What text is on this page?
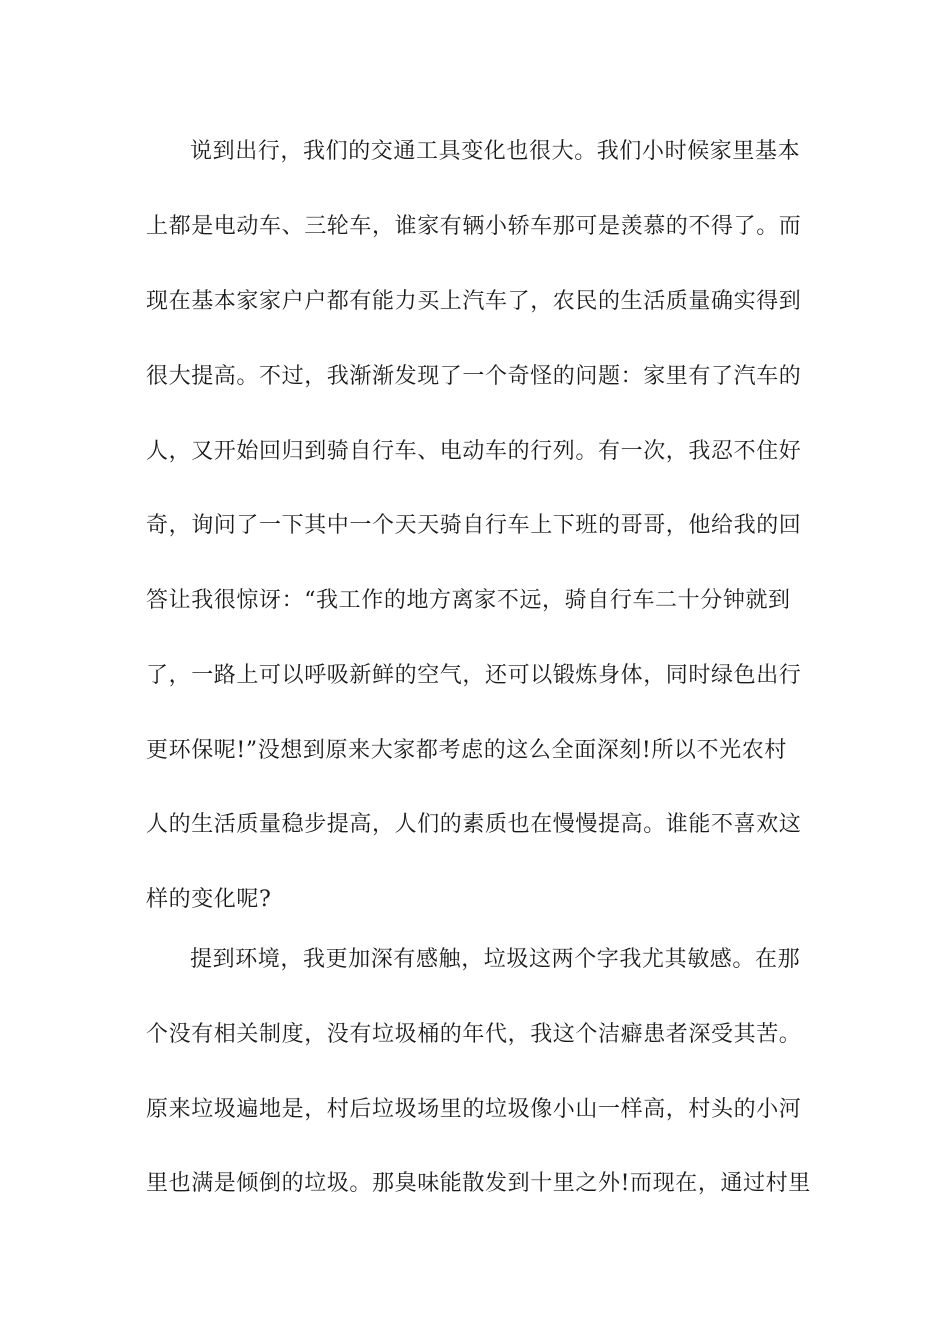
说到出行，我们的交通工具变化也很大。我们小时候家里基本
上都是电动车、三轮车，谁家有辆小轿车那可是羡慕的不得了。而
现在基本家家户户都有能力买上汽车了，农民的生活质量确实得到
很大提高。不过，我渐渐发现了一个奇怪的问题：家里有了汽车的
人，又开始回归到骑自行车、电动车的行列。有一次，我忍不住好
奇，询问了一下其中一个天天骑自行车上下班的哥哥，他给我的回
答让我很惊讶：“我工作的地方离家不远，骑自行车二十分钟就到
了，一路上可以呼吸新鲜的空气，还可以锻炼身体，同时绿色出行
更环保呢!”没想到原来大家都考虑的这么全面深刻!所以不光农村
人的生活质量稳步提高，人们的素质也在慢慢提高。谁能不喜欢这
样的变化呢?
提到环境，我更加深有感触，垃圾这两个字我尤其敏感。在那
个没有相关制度，没有垃圾桶的年代，我这个洁癖患者深受其苦。
原来垃圾遍地是，村后垃圾场里的垃圾像小山一样高，村头的小河
里也满是倾倒的垃圾。那臭味能散发到十里之外!而现在，通过村里
